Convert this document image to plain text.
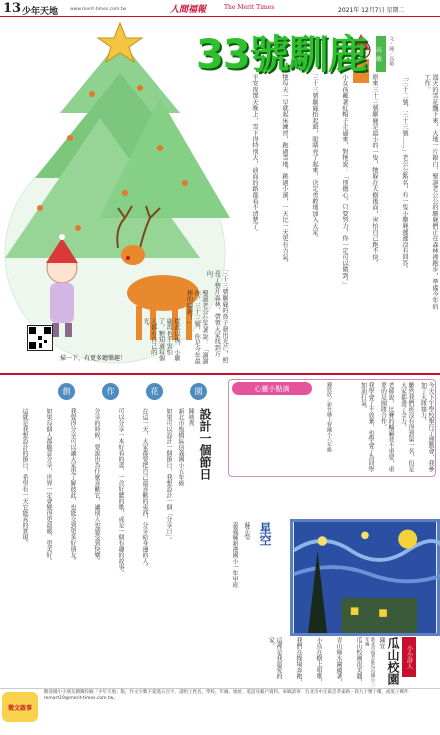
13 少年天地	www.merit-times.com.tw	人間福報	The Merit Times	2021年 12月7日 星期二
33號馴鹿 高敏	文・圖／高敏
漫天的雪花飄下來，大地一片銀白，聖誕老公公的馴鹿們正在森林裡跑步，準備今年的工作。
「三十二號、三十三號……」老公公點名，有一隻小馴鹿遲遲沒有回答。
原來三十三號馴鹿是最小的一隻，牠躲在大樹後面，害怕自己跑不快。
小女孩戴著紅帽子走過來，對牠說：「別擔心，只要努力，你一定可以做到。」
三十三號馴鹿抬起頭，眼睛亮了起來，決定勇敢地加入大家。
牠每天一早就起床練習，跑過雪地、跳過小溪，一天比一天更有力氣。
平安夜那天晚上，雪下得特別大，前面的路都看不清楚了。
三十三號馴鹿的鼻子發出光芒，照亮了整片森林，帶領大家找到方向。
聖誕老公公笑著說：「謝謝你，三十三號，你是今年最棒的馴鹿！」
從此以後，小馴鹿再也不害怕了，牠知道每個人都有自己的光。
掃一下，有更多聽樂趣！
創	作	花	園
設計一個節日
陳映秀
新北市板橋區信義國小五年級
如果可以設計一個節日，我想設計一個「分享日」。
在這一天，大家都要把自己最喜歡的東西，分享給身邊的人。
可以分享一本好看的書、一首好聽的歌，或是一個有趣的故事。
分享的時候，要說出為什麼喜歡它，讓別人也感受到快樂。
我覺得分享可以讓大家更了解彼此，也能交到更多好朋友。
如果每個人都願意分享，世界一定會變得更溫暖、更美好。
這就是我想設計的節日，希望有一天它能真的實現。
心靈小點滴	鍾欣欣／新竹縣上智國小六年級	今天下午學校舉行了運動會，我參加了大隊接力。
雖然我們班沒有得到第一名，但是大家都盡了全力。
老師說，比賽的輸贏並不重要，重要的是團隊合作。
我學會了不放棄，也學會了為同學加油打氣。
星空
蘇芷瑩
嘉義縣新港國小一年甲班
小小詩人
瓜山校園
陳宜
新北市瑞芳區瓜山國小三年級
瓜山校園很美麗，
青山綠水圍繞著，
小鳥在樹上唱歌，
我們在操場奔跑，
這裡是我最愛的家。
徵文啟事
歡迎國小小朋友踴躍投稿「少年天地」版，作文字數不超過五百字，請附上姓名、學校、年級、地址、電話及帳戶資料。來稿請寄：台北市中正區忠孝東路一段九十號十樓，或電子郵件：mmart19@merit-times.com.tw。
